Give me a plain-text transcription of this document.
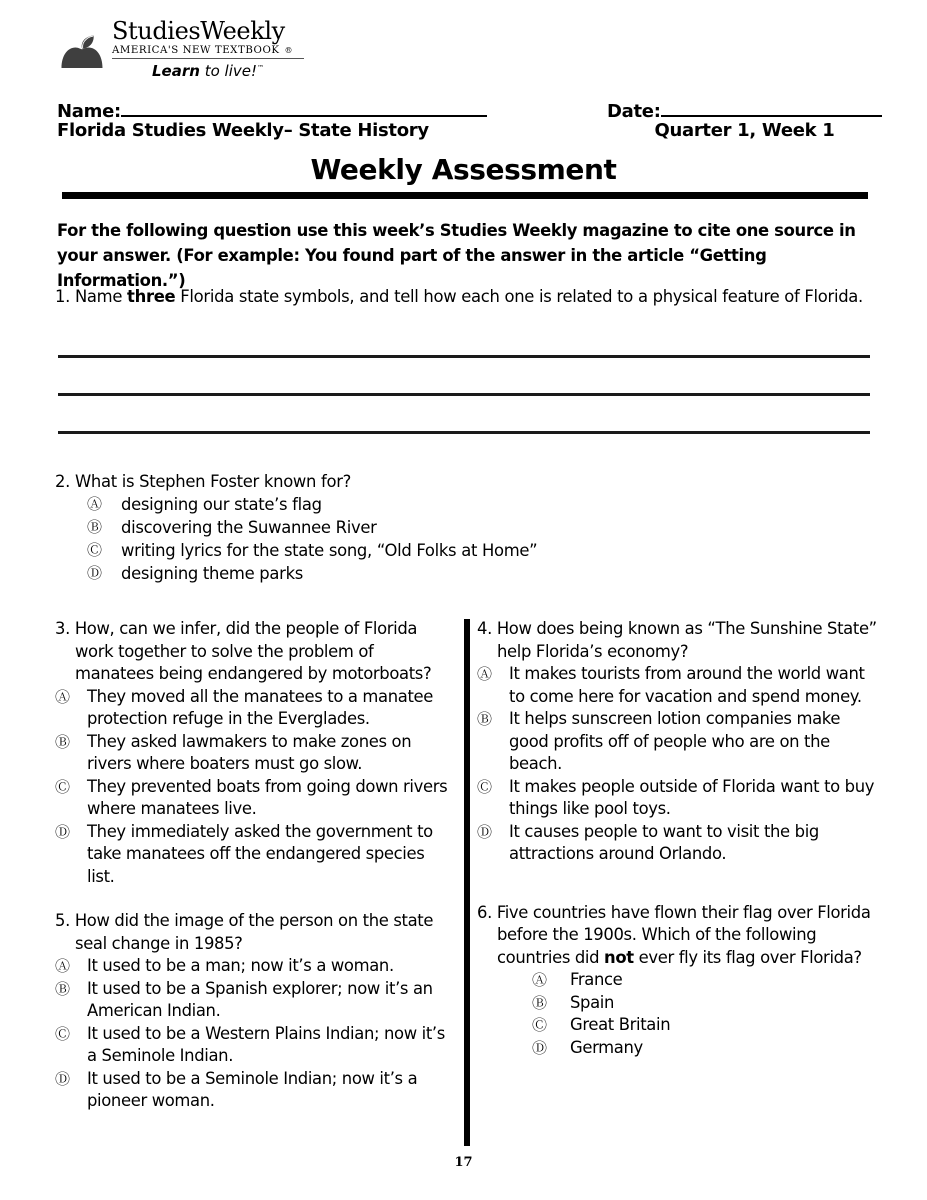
StudiesWeekly
AMERICA'S NEW TEXTBOOK ®
Learn to live!™
Name:	Date:
Florida Studies Weekly– State History	Quarter 1, Week 1
Weekly Assessment
For the following question use this week’s Studies Weekly magazine to cite one source in your answer. (For example: You found part of the answer in the article “Getting Information.”)
1. Name three Florida state symbols, and tell how each one is related to a physical feature of Florida.
2. What is Stephen Foster known for?
Ⓐ	designing our state’s flag
Ⓑ	discovering the Suwannee River
Ⓒ	writing lyrics for the state song, “Old Folks at Home”
Ⓓ	designing theme parks
3. How, can we infer, did the people of Florida work together to solve the problem of manatees being endangered by motorboats?
Ⓐ	They moved all the manatees to a manatee protection refuge in the Everglades.
Ⓑ	They asked lawmakers to make zones on rivers where boaters must go slow.
Ⓒ	They prevented boats from going down rivers where manatees live.
Ⓓ	They immediately asked the government to take manatees off the endangered species list.
5. How did the image of the person on the state seal change in 1985?
Ⓐ	It used to be a man; now it’s a woman.
Ⓑ	It used to be a Spanish explorer; now it’s an American Indian.
Ⓒ	It used to be a Western Plains Indian; now it’s a Seminole Indian.
Ⓓ	It used to be a Seminole Indian; now it’s a pioneer woman.
4. How does being known as “The Sunshine State” help Florida’s economy?
Ⓐ	It makes tourists from around the world want to come here for vacation and spend money.
Ⓑ	It helps sunscreen lotion companies make good profits off of people who are on the beach.
Ⓒ	It makes people outside of Florida want to buy things like pool toys.
Ⓓ	It causes people to want to visit the big attractions around Orlando.
6. Five countries have flown their flag over Florida before the 1900s. Which of the following countries did not ever fly its flag over Florida?
Ⓐ	France
Ⓑ	Spain
Ⓒ	Great Britain
Ⓓ	Germany
17
